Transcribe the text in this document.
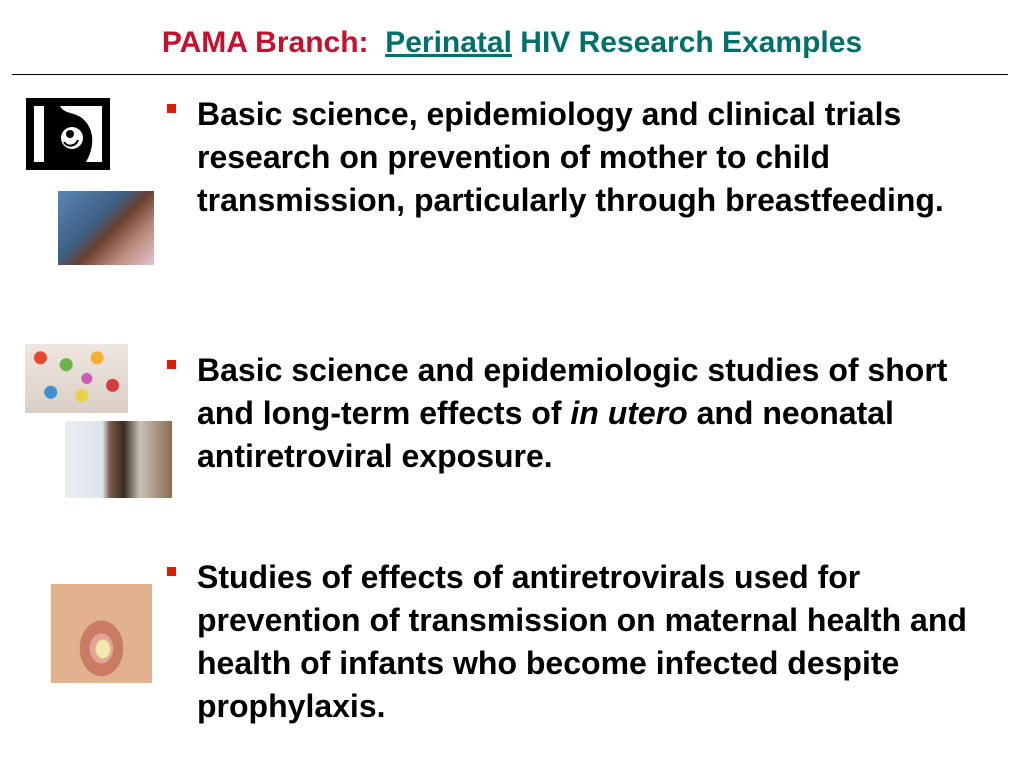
PAMA Branch: Perinatal HIV Research Examples
Basic science, epidemiology and clinical trials research on prevention of mother to child transmission, particularly through breastfeeding.
Basic science and epidemiologic studies of short and long-term effects of in utero and neonatal antiretroviral exposure.
Studies of effects of antiretrovirals used for prevention of transmission on maternal health and health of infants who become infected despite prophylaxis.
